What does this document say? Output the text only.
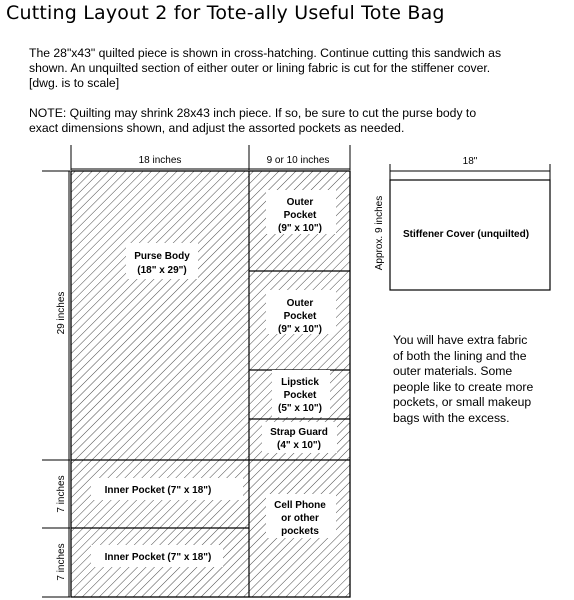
Cutting Layout 2 for Tote-ally Useful Tote Bag
The 28"x43" quilted piece is shown in cross-hatching. Continue cutting this sandwich as
shown. An unquilted section of either outer or lining fabric is cut for the stiffener cover.
[dwg. is to scale]
NOTE: Quilting may shrink 28x43 inch piece. If so, be sure to cut the purse body to
exact dimensions shown, and adjust the assorted pockets as needed.
18 inches	9 or 10 inches
29 inches
7 inches
7 inches
18"
Approx. 9 inches
Purse Body
(18" x 29")
Outer
Pocket
(9" x 10")
Outer
Pocket
(9" x 10")
Lipstick
Pocket
(5" x 10")
Strap Guard
(4" x 10")
Inner Pocket (7" x 18")
Inner Pocket (7" x 18")
Cell Phone
or other
pockets
Stiffener Cover (unquilted)
You will have extra fabric
of both the lining and the
outer materials. Some
people like to create more
pockets, or small makeup
bags with the excess.
